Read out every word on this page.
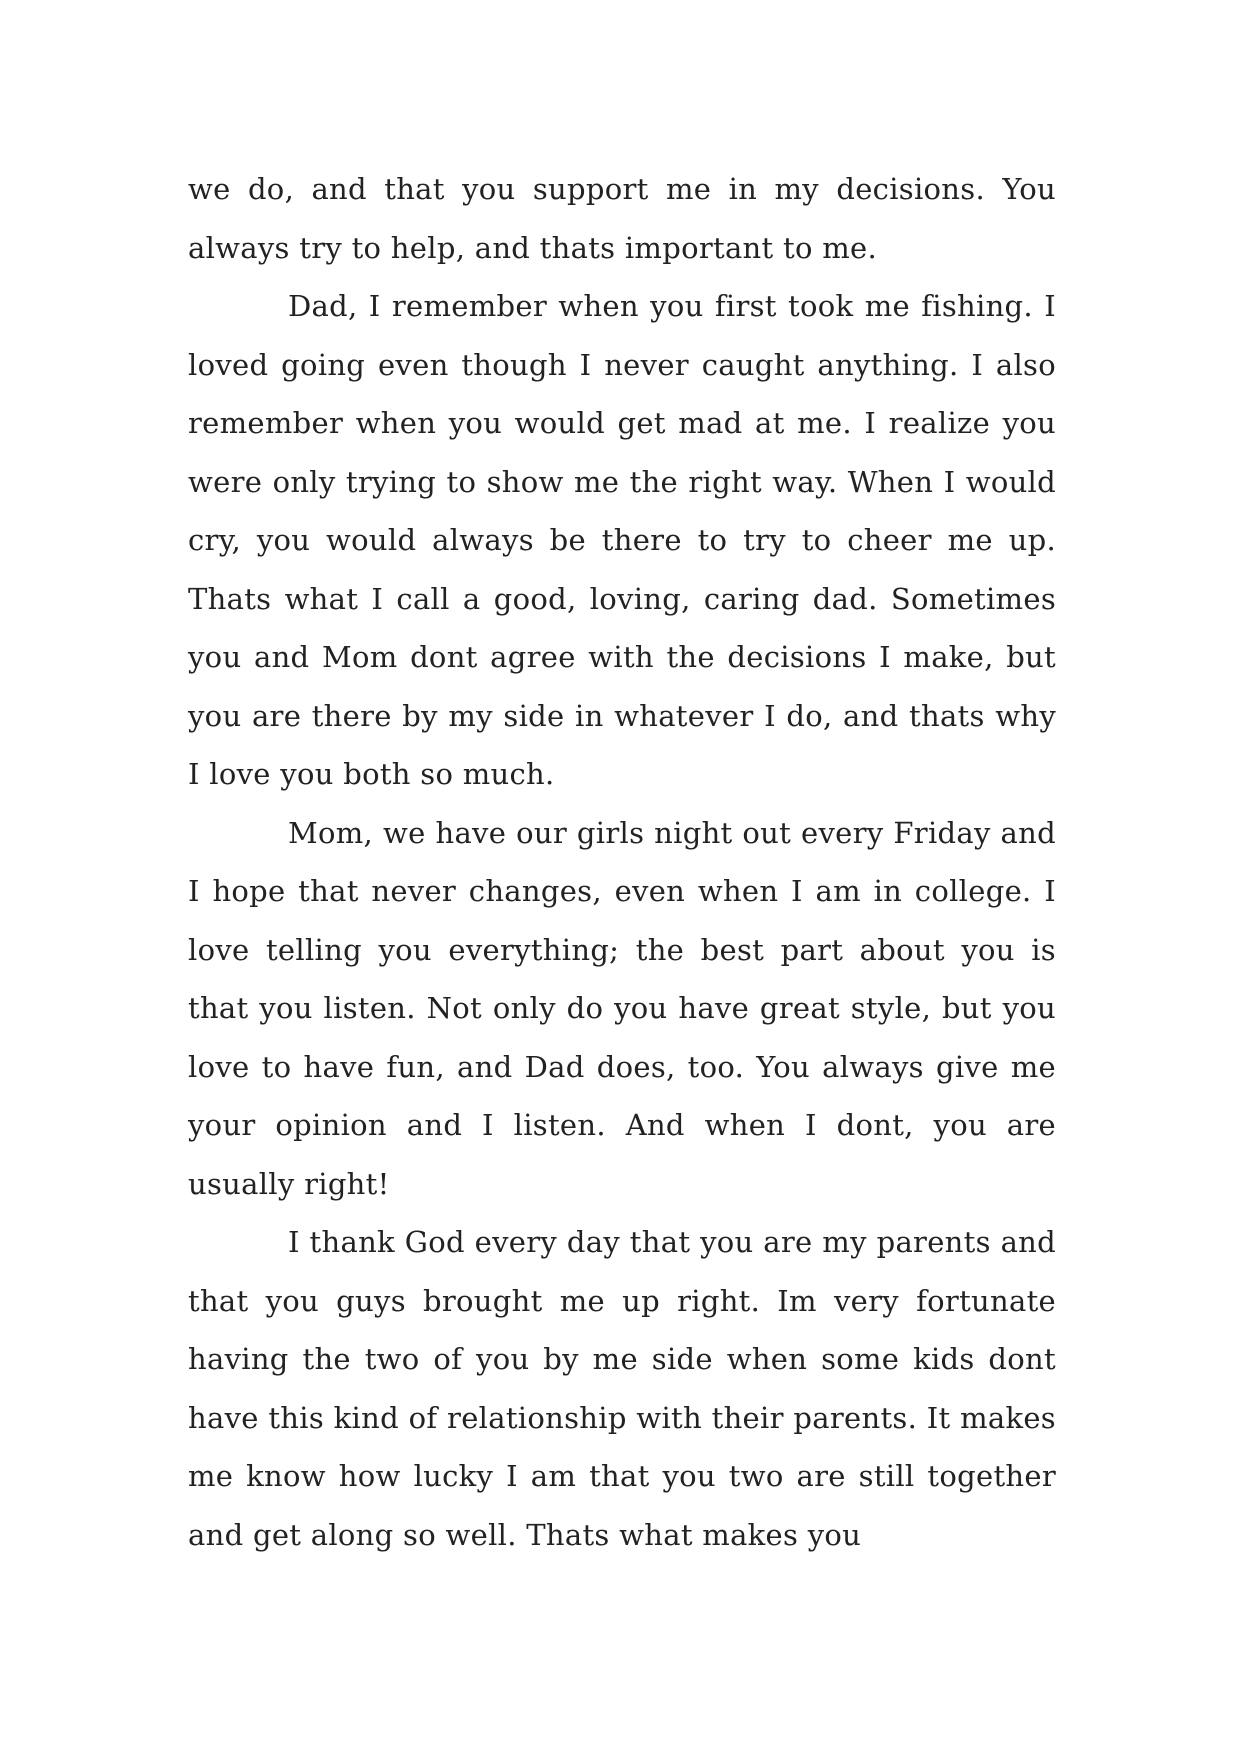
we do, and that you support me in my decisions. You always try to help, and thats important to me.

Dad, I remember when you first took me fishing. I loved going even though I never caught anything. I also remember when you would get mad at me. I realize you were only trying to show me the right way. When I would cry, you would always be there to try to cheer me up. Thats what I call a good, loving, caring dad. Sometimes you and Mom dont agree with the decisions I make, but you are there by my side in whatever I do, and thats why I love you both so much.

Mom, we have our girls night out every Friday and I hope that never changes, even when I am in college. I love telling you everything; the best part about you is that you listen. Not only do you have great style, but you love to have fun, and Dad does, too. You always give me your opinion and I listen. And when I dont, you are usually right!

I thank God every day that you are my parents and that you guys brought me up right. Im very fortunate having the two of you by me side when some kids dont have this kind of relationship with their parents. It makes me know how lucky I am that you two are still together and get along so well. Thats what makes you
